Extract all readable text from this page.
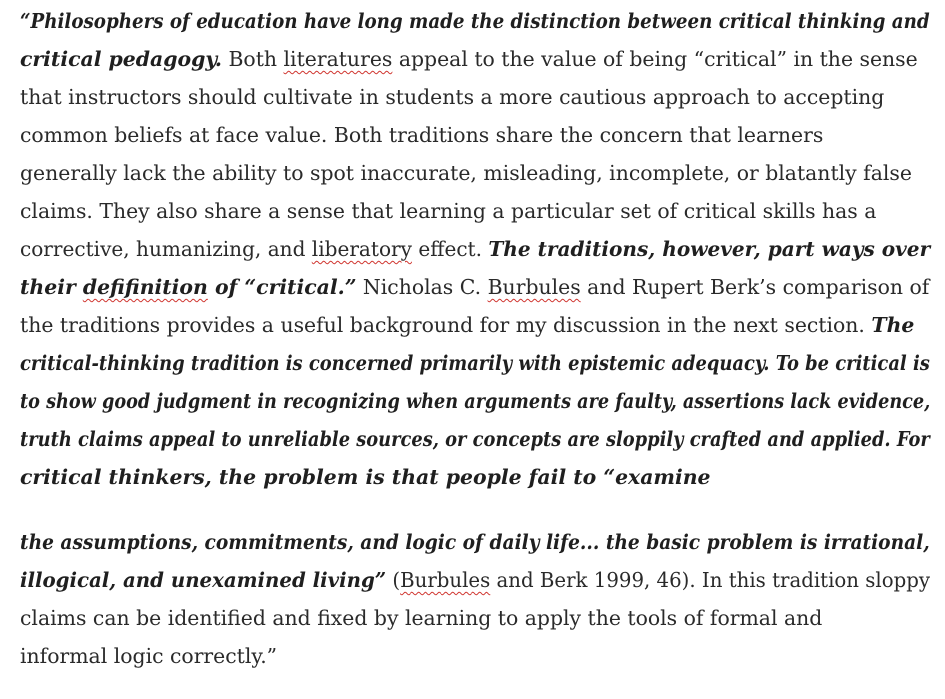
“Philosophers of education have long made the distinction between critical thinking and
critical pedagogy. Both literatures appeal to the value of being “critical” in the sense
that instructors should cultivate in students a more cautious approach to accepting
common beliefs at face value. Both traditions share the concern that learners
generally lack the ability to spot inaccurate, misleading, incomplete, or blatantly false
claims. They also share a sense that learning a particular set of critical skills has a
corrective, humanizing, and liberatory effect. The traditions, however, part ways over
their defifinition of “critical.” Nicholas C. Burbules and Rupert Berk’s comparison of
the traditions provides a useful background for my discussion in the next section. The
critical-thinking tradition is concerned primarily with epistemic adequacy. To be critical is
to show good judgment in recognizing when arguments are faulty, assertions lack evidence,
truth claims appeal to unreliable sources, or concepts are sloppily crafted and applied. For
critical thinkers, the problem is that people fail to “examine

the assumptions, commitments, and logic of daily life... the basic problem is irrational,
illogical, and unexamined living” (Burbules and Berk 1999, 46). In this tradition sloppy
claims can be identified and fixed by learning to apply the tools of formal and
informal logic correctly.”
